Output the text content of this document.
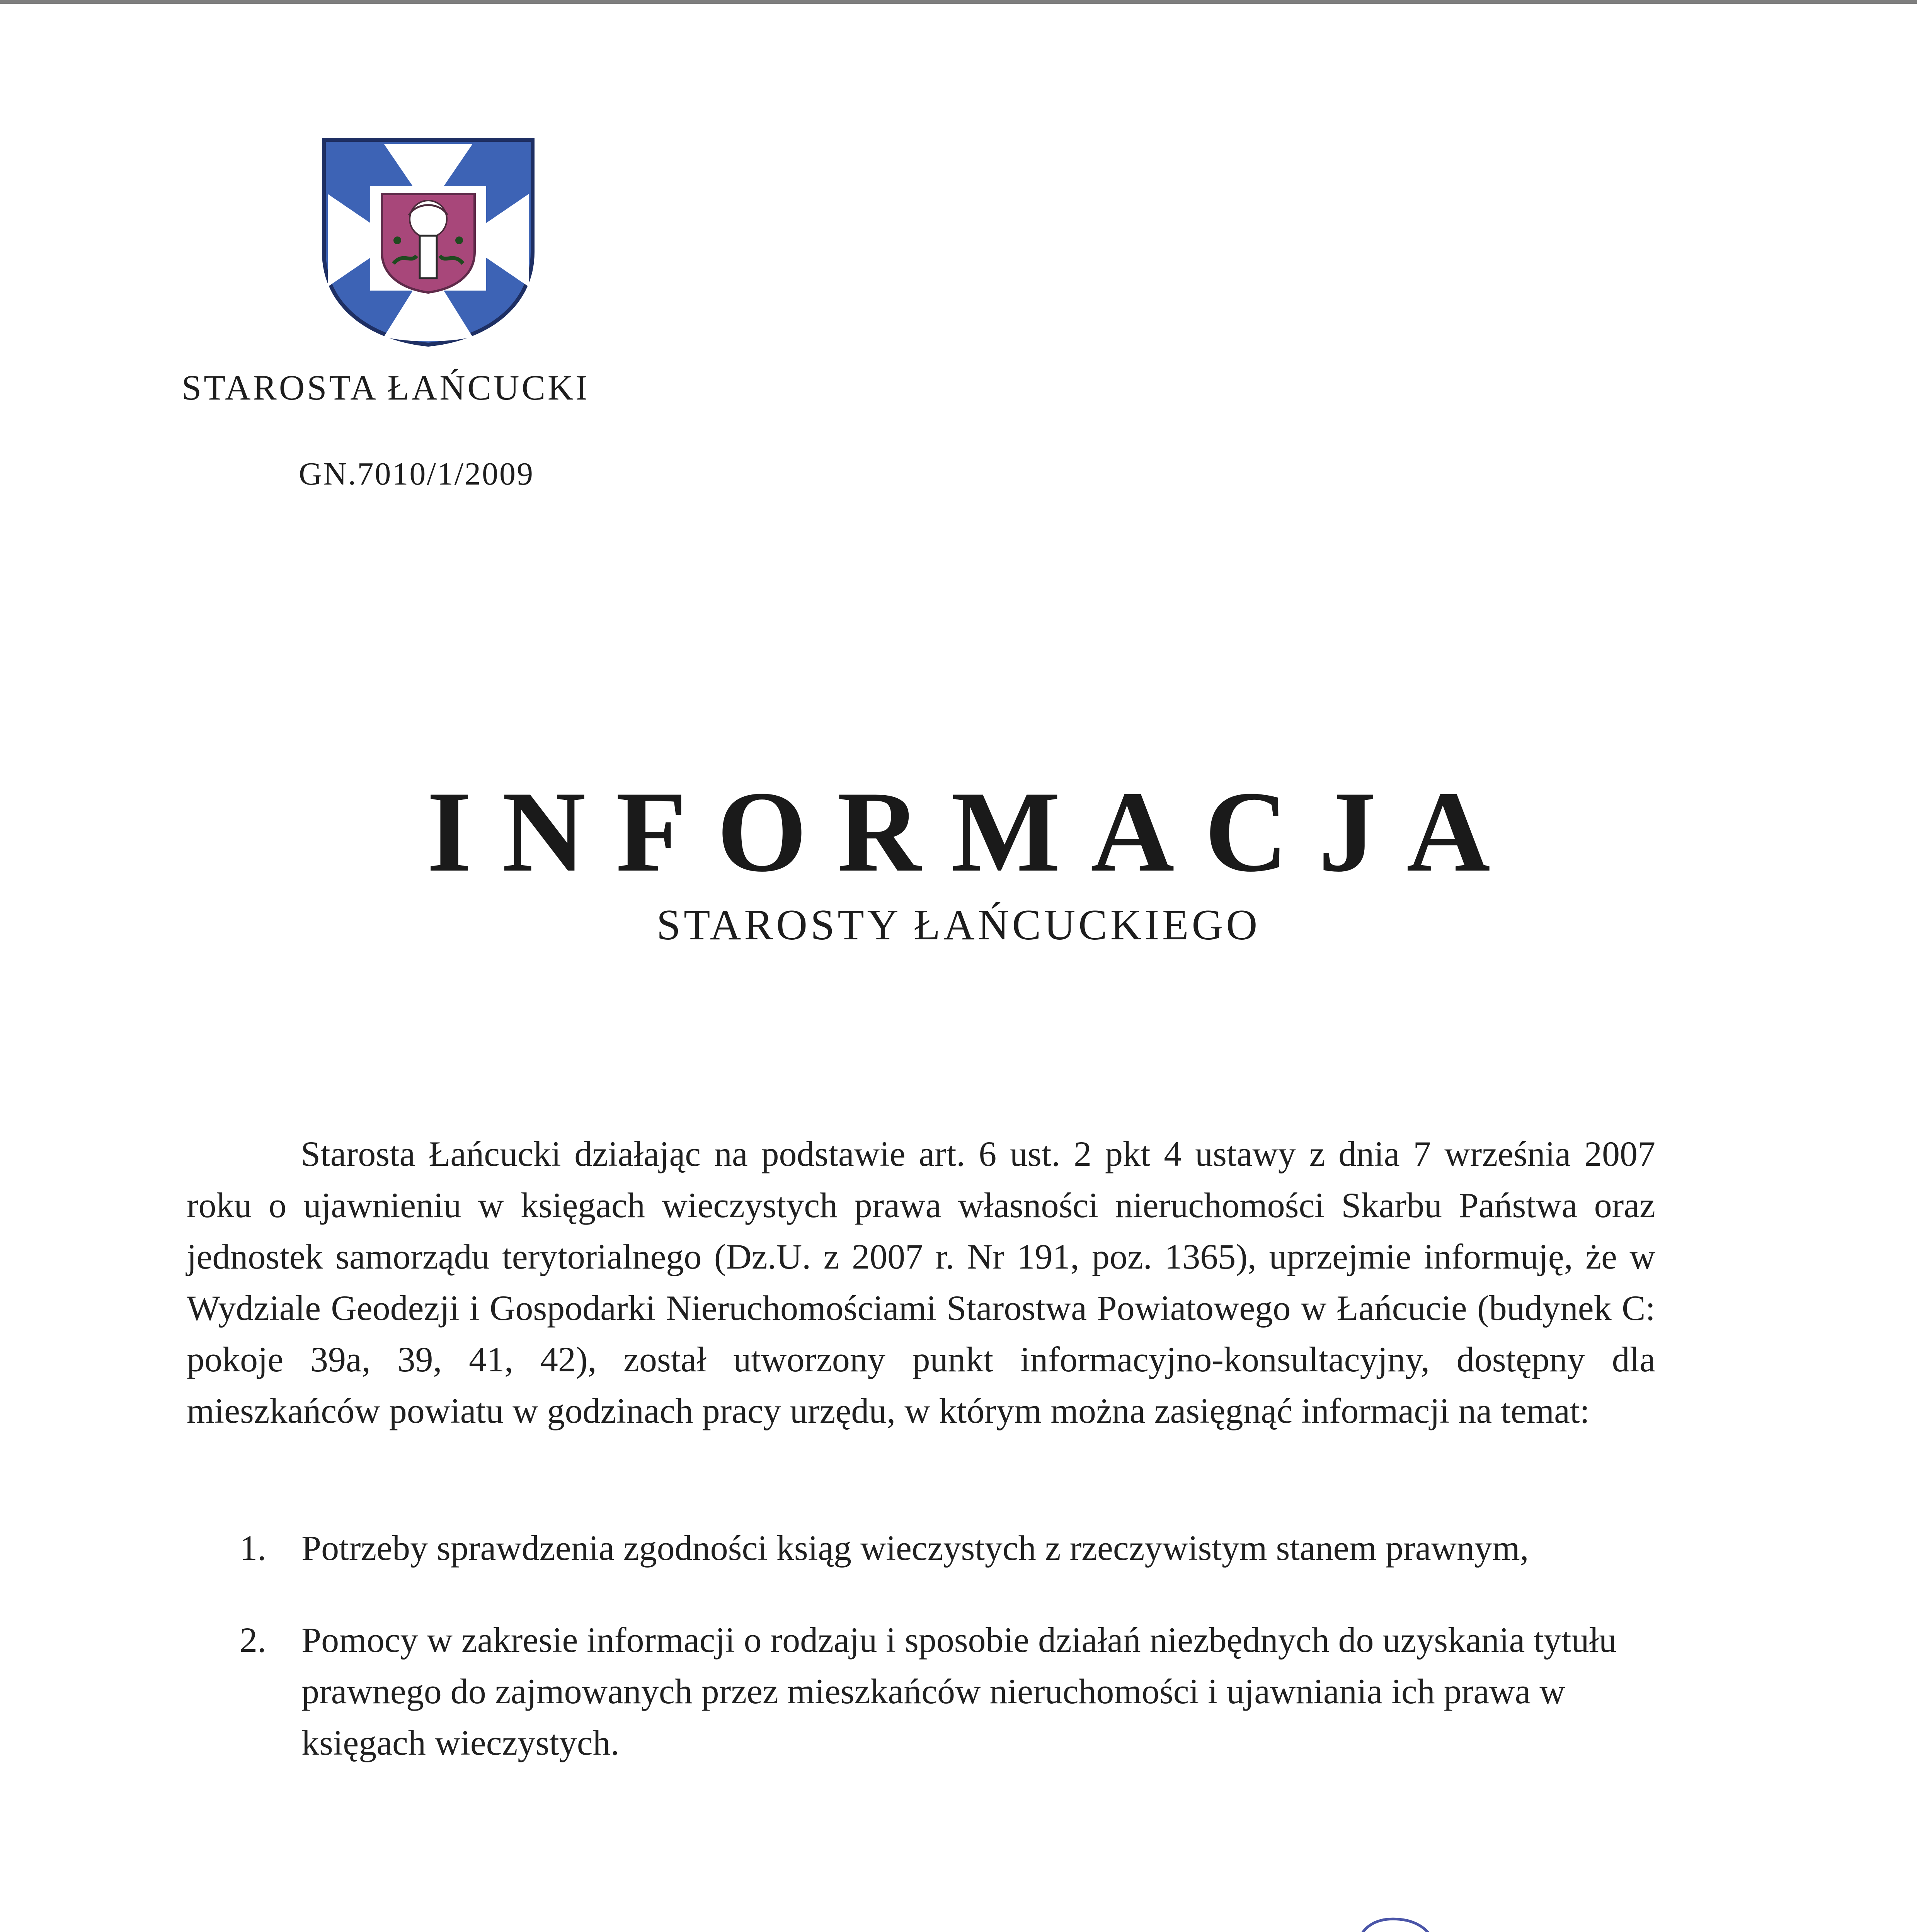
STAROSTA ŁAŃCUCKI
GN.7010/1/2009
INFORMACJA
STAROSTY ŁAŃCUCKIEGO

Starosta Łańcucki działając na podstawie art. 6 ust. 2 pkt 4 ustawy z dnia 7 września 2007 roku o ujawnieniu w księgach wieczystych prawa własności nieruchomości Skarbu Państwa oraz jednostek samorządu terytorialnego (Dz.U. z 2007 r. Nr 191, poz. 1365), uprzejmie informuję, że w Wydziale Geodezji i Gospodarki Nieruchomościami Starostwa Powiatowego w Łańcucie (budynek C: pokoje 39a, 39, 41, 42), został utworzony punkt informacyjno-konsultacyjny, dostępny dla mieszkańców powiatu w godzinach pracy urzędu, w którym można zasięgnąć informacji na temat:

1. Potrzeby sprawdzenia zgodności ksiąg wieczystych z rzeczywistym stanem prawnym,
2. Pomocy w zakresie informacji o rodzaju i sposobie działań niezbędnych do uzyskania tytułu prawnego do zajmowanych przez mieszkańców nieruchomości i ujawniania ich prawa w księgach wieczystych.
